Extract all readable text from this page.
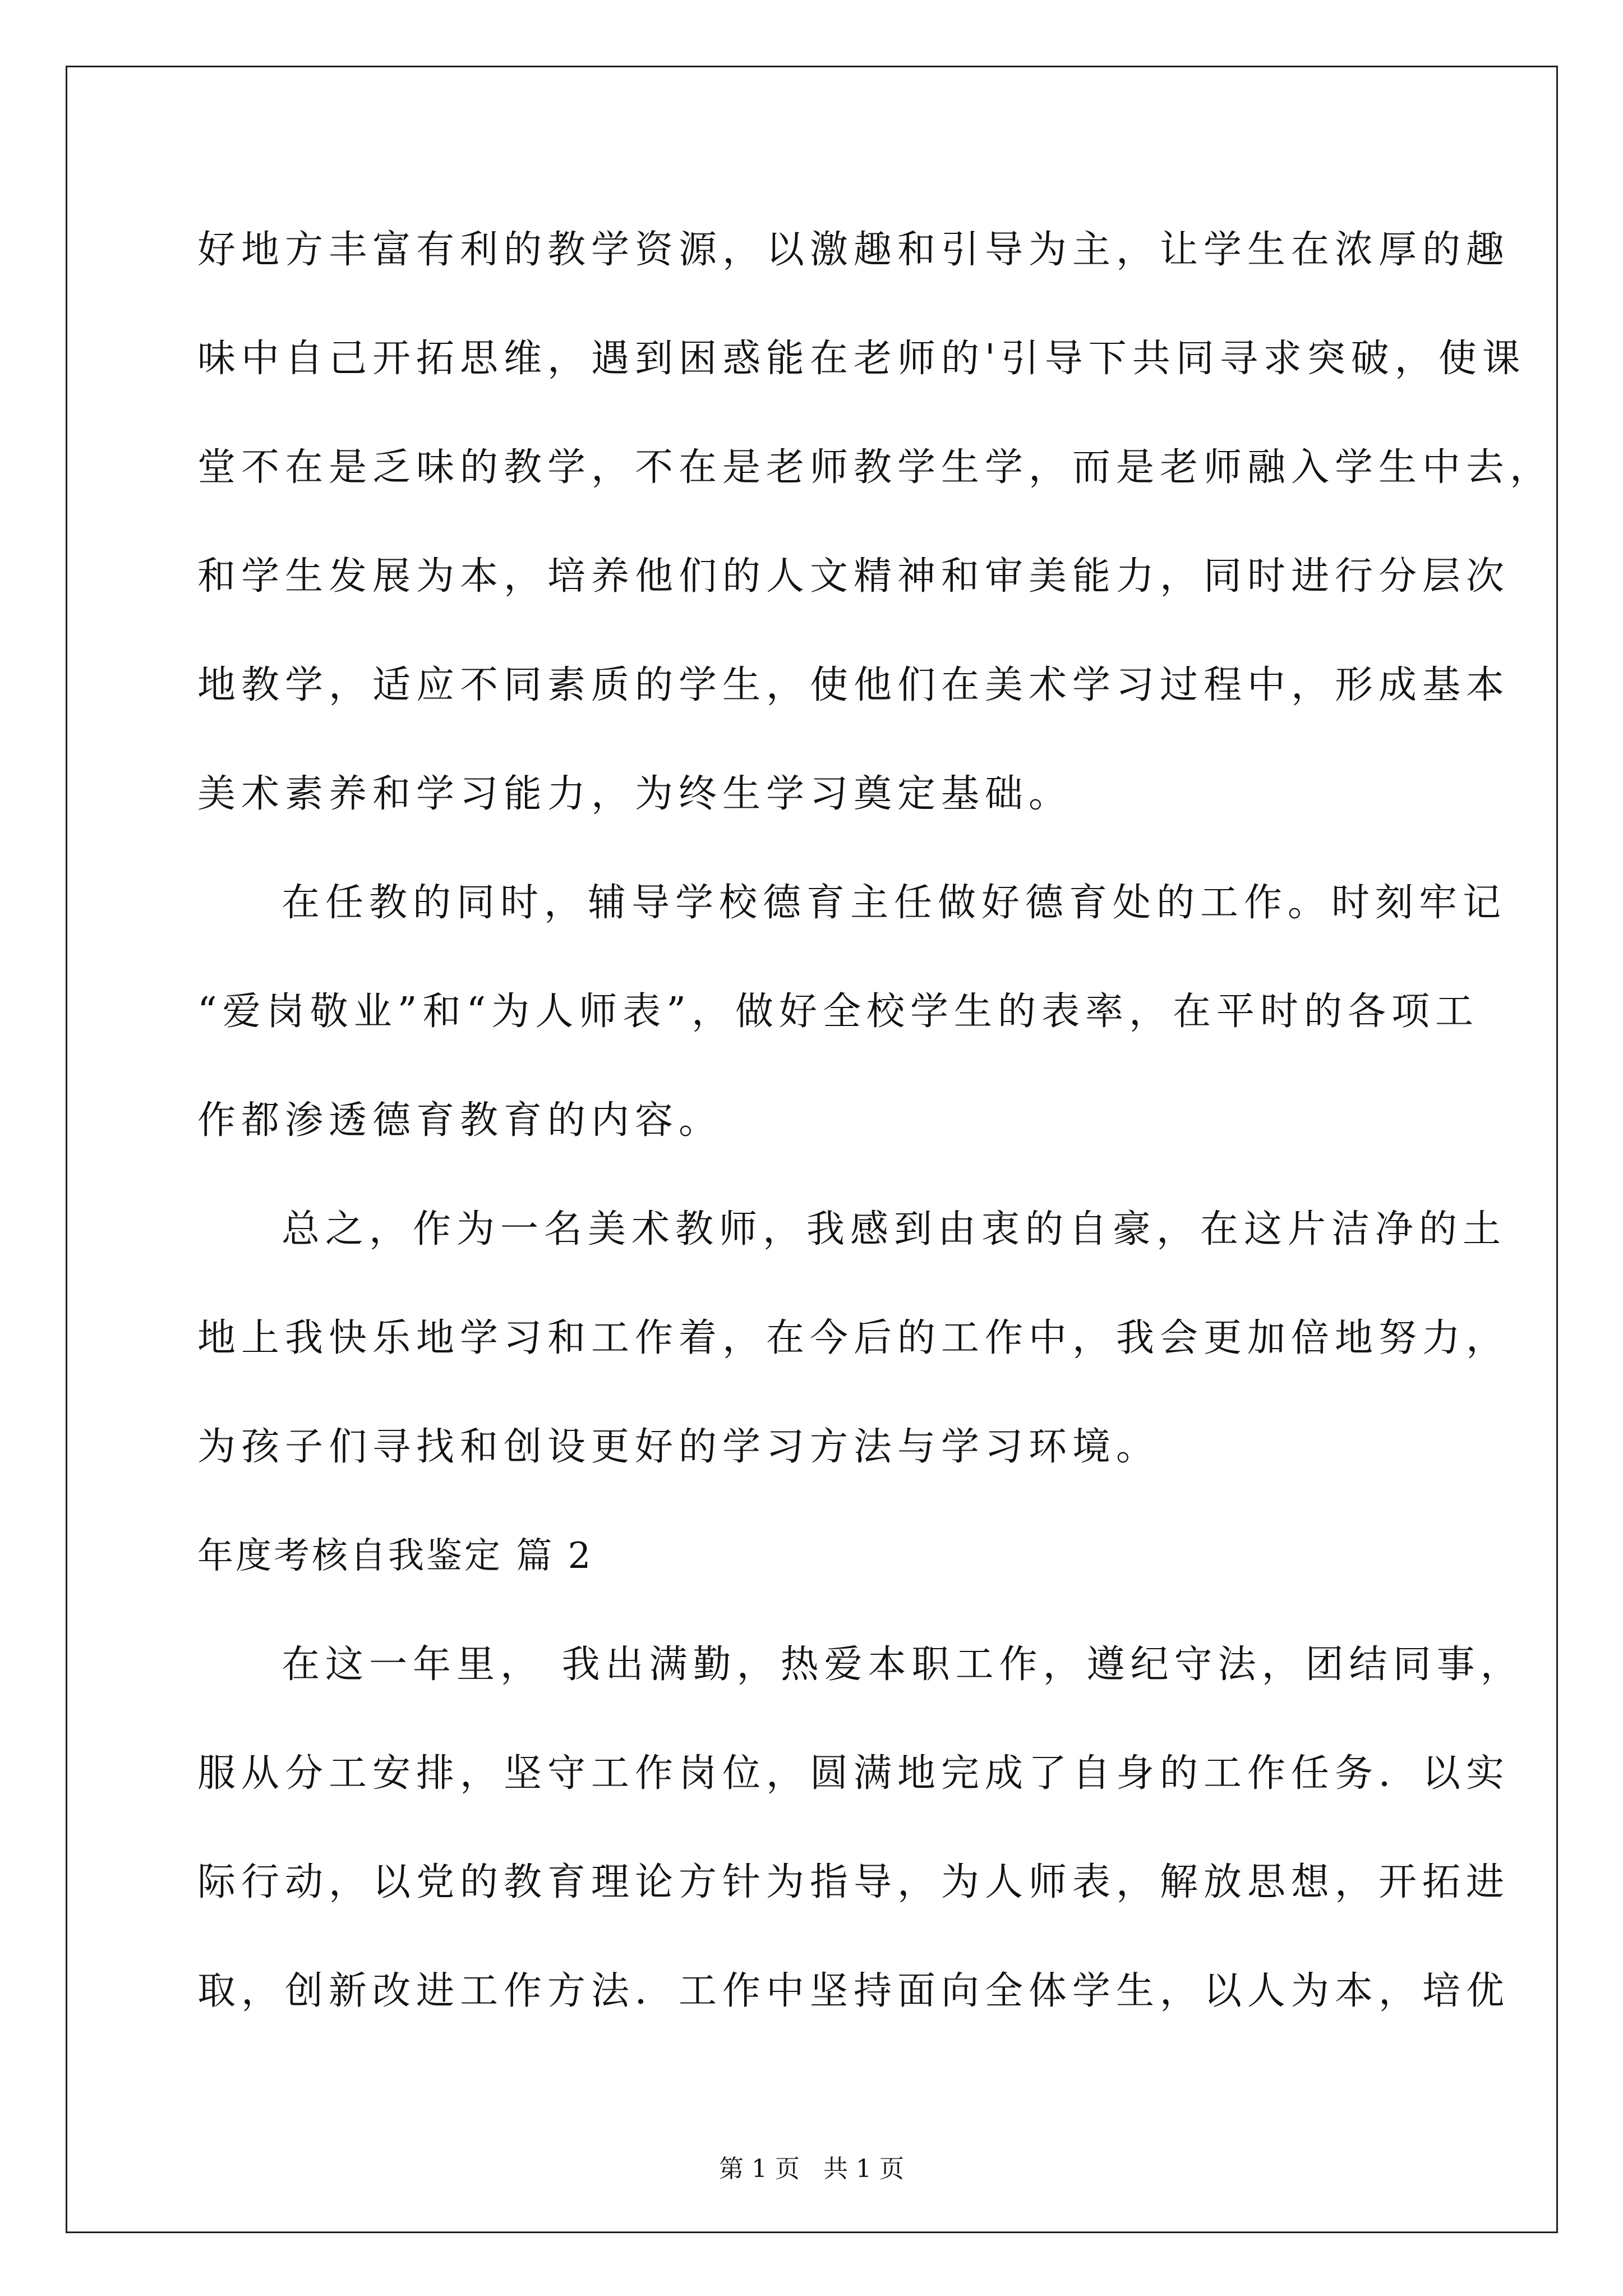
好地方丰富有利的教学资源，以激趣和引导为主，让学生在浓厚的趣
味中自己开拓思维，遇到困惑能在老师的'引导下共同寻求突破，使课
堂不在是乏味的教学，不在是老师教学生学，而是老师融入学生中去，
和学生发展为本，培养他们的人文精神和审美能力，同时进行分层次
地教学，适应不同素质的学生，使他们在美术学习过程中，形成基本
美术素养和学习能力，为终生学习奠定基础。
在任教的同时，辅导学校德育主任做好德育处的工作。时刻牢记
“爱岗敬业”和“为人师表”，做好全校学生的表率，在平时的各项工
作都渗透德育教育的内容。
总之，作为一名美术教师，我感到由衷的自豪，在这片洁净的土
地上我快乐地学习和工作着，在今后的工作中，我会更加倍地努力，
为孩子们寻找和创设更好的学习方法与学习环境。
年度考核自我鉴定 篇 2
在这一年里， 我出满勤，热爱本职工作，遵纪守法，团结同事，
服从分工安排，坚守工作岗位，圆满地完成了自身的工作任务．以实
际行动，以党的教育理论方针为指导，为人师表，解放思想，开拓进
取，创新改进工作方法．工作中坚持面向全体学生，以人为本，培优
第 1 页   共 1 页
